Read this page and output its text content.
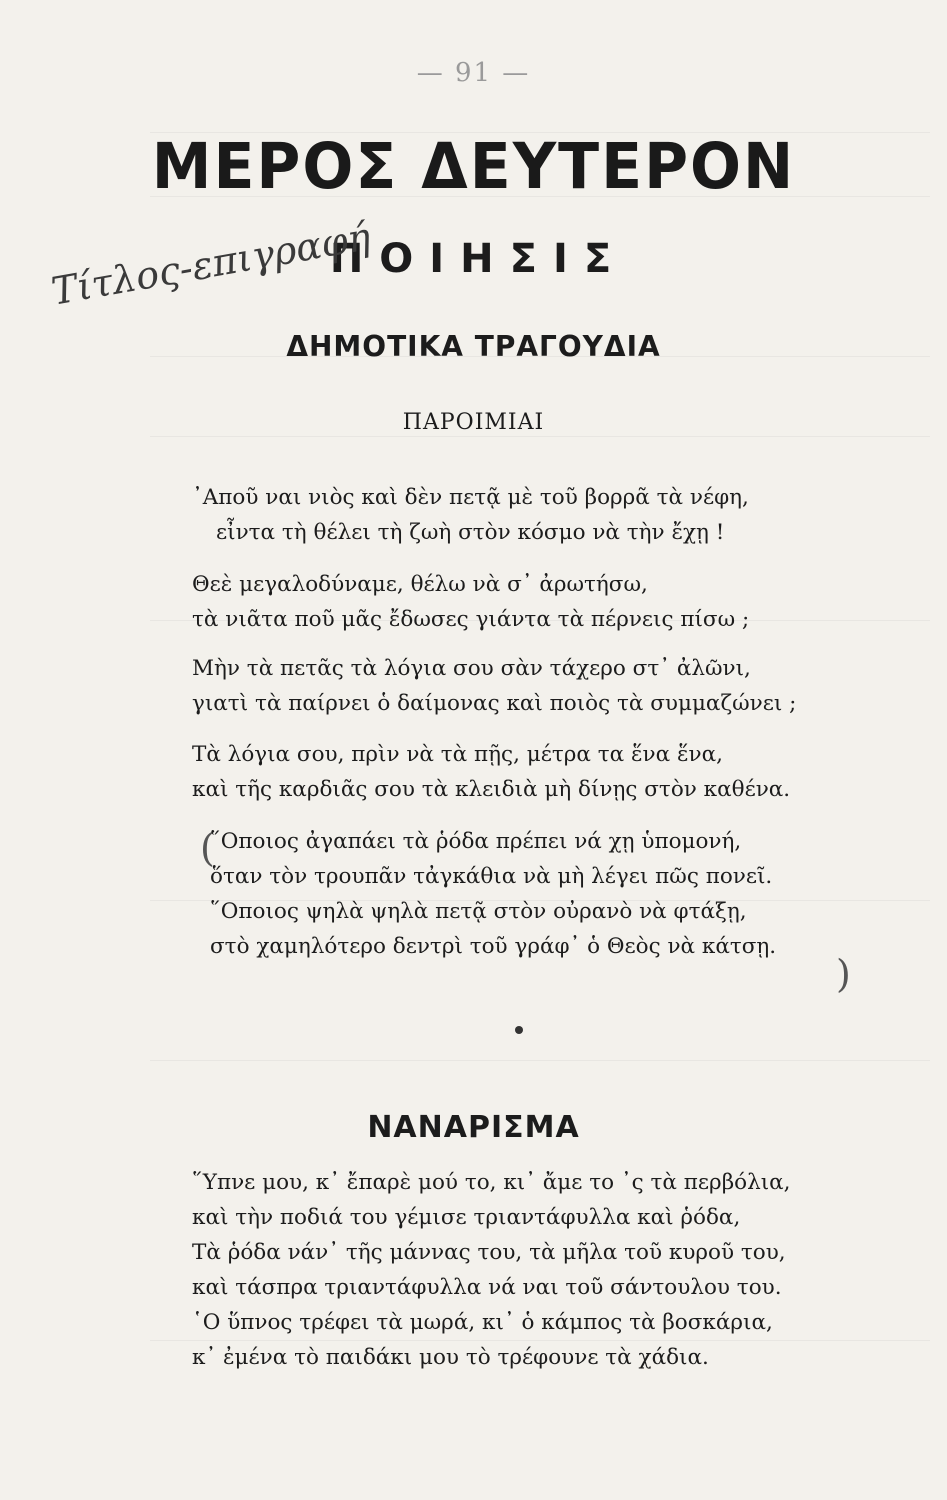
— 91 —
ΜΕΡΟΣ ΔΕΥΤΕΡΟΝ
ΠΟΙΗΣΙΣ
Τίτλος-επιγραφή
ΔΗΜΟΤΙΚΑ ΤΡΑΓΟΥΔΙΑ
ΠΑΡΟΙΜΙΑΙ
᾿Αποῦ ναι νιὸς καὶ δὲν πετᾷ μὲ τοῦ βορρᾶ τὰ νέφη,
εἶντα τὴ θέλει τὴ ζωὴ στὸν κόσμο νὰ τὴν ἔχῃ !
Θεὲ μεγαλοδύναμε, θέλω νὰ σ᾿ ἀρωτήσω,
τὰ νιᾶτα ποῦ μᾶς ἔδωσες γιάντα τὰ πέρνεις πίσω ;
Μὴν τὰ πετᾶς τὰ λόγια σου σὰν τάχερο στ᾿ ἀλῶνι,
γιατὶ τὰ παίρνει ὁ δαίμονας καὶ ποιὸς τὰ συμμαζώνει ;
Τὰ λόγια σου, πρὶν νὰ τὰ πῇς, μέτρα τα ἕνα ἕνα,
καὶ τῆς καρδιᾶς σου τὰ κλειδιὰ μὴ δίνῃς στὸν καθένα.
(
῞Οποιος ἀγαπάει τὰ ῥόδα πρέπει νά χῃ ὑπομονή,
ὅταν τὸν τρουπᾶν τἀγκάθια νὰ μὴ λέγει πῶς πονεῖ.
῞Οποιος ψηλὰ ψηλὰ πετᾷ στὸν οὐρανὸ νὰ φτάξῃ,
στὸ χαμηλότερο δεντρὶ τοῦ γράφ᾿ ὁ Θεὸς νὰ κάτσῃ.
)
ΝΑΝΑΡΙΣΜΑ
῞Υπνε μου, κ᾿ ἔπαρὲ μού το, κι᾿ ἄμε το ᾿ς τὰ περβόλια,
καὶ τὴν ποδιά του γέμισε τριαντάφυλλα καὶ ῥόδα,
Τὰ ῥόδα νάν᾿ τῆς μάννας του, τὰ μῆλα τοῦ κυροῦ του,
καὶ τάσπρα τριαντάφυλλα νά ναι τοῦ σάντουλου του.
῾Ο ὕπνος τρέφει τὰ μωρά, κι᾿ ὁ κάμπος τὰ βοσκάρια,
κ᾿ ἐμένα τὸ παιδάκι μου τὸ τρέφουνε τὰ χάδια.
